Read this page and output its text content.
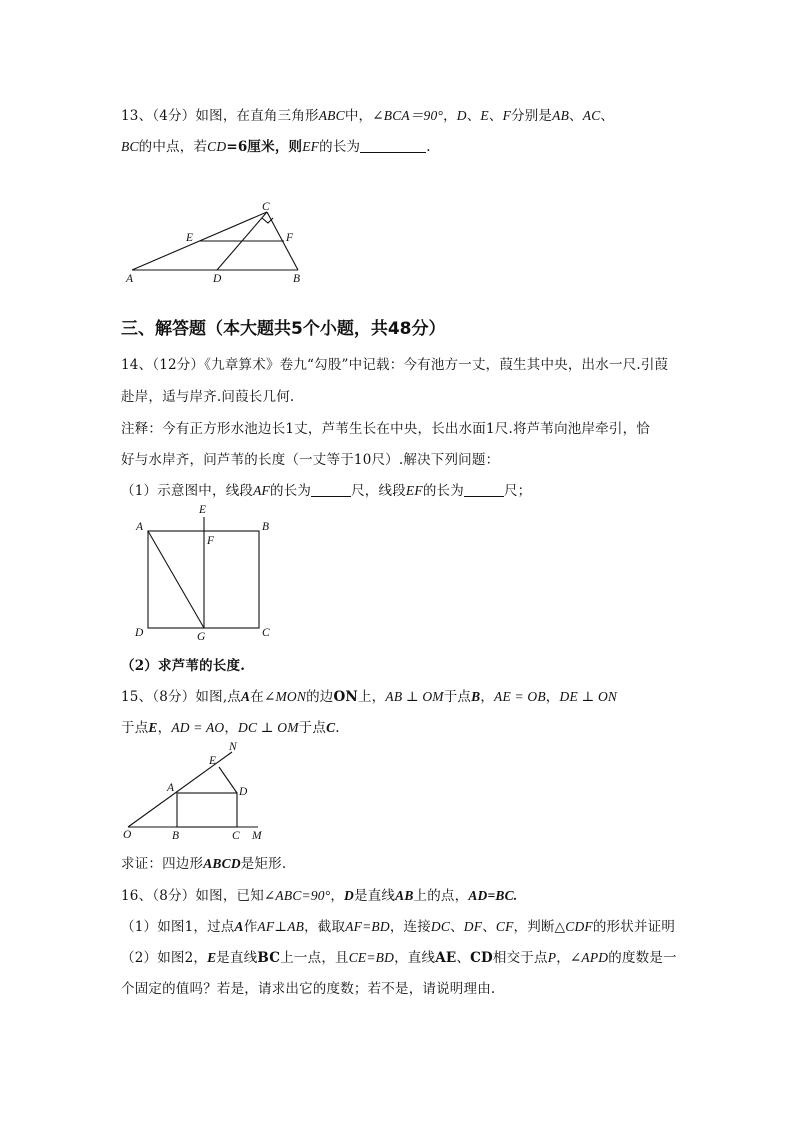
13、（4分）如图，在直角三角形ABC中，∠BCA＝90°，D、E、F分别是AB、AC、
BC的中点，若CD=6厘米，则EF的长为	.
C
E	F
A	D	B
三、解答题（本大题共5个小题，共48分）
14、（12分）《九章算术》卷九“勾股”中记载：今有池方一丈，葭生其中央，出水一尺.引葭
赴岸，适与岸齐.问葭长几何.
注释：今有正方形水池边长1丈，芦苇生长在中央，长出水面1尺.将芦苇向池岸牵引，恰
好与水岸齐，问芦苇的长度（一丈等于10尺）.解决下列问题：
（1）示意图中，线段AF的长为	尺，线段EF的长为	尺；
E
A	B
F
D	G	C
（2）求芦苇的长度.
15、（8分）如图,点A在∠MON的边ON上，AB ⊥ OM于点B，AE = OB，DE ⊥ ON
于点E，AD = AO，DC ⊥ OM于点C.
N
E
A	D
O	B	C M
求证：四边形ABCD是矩形.
16、（8分）如图，已知∠ABC=90°，D是直线AB上的点，AD=BC.
（1）如图1，过点A作AF⊥AB，截取AF=BD，连接DC、DF、CF，判断△CDF的形状并证明
（2）如图2，E是直线BC上一点，且CE=BD，直线AE、CD相交于点P，∠APD的度数是一
个固定的值吗？若是，请求出它的度数；若不是，请说明理由.
